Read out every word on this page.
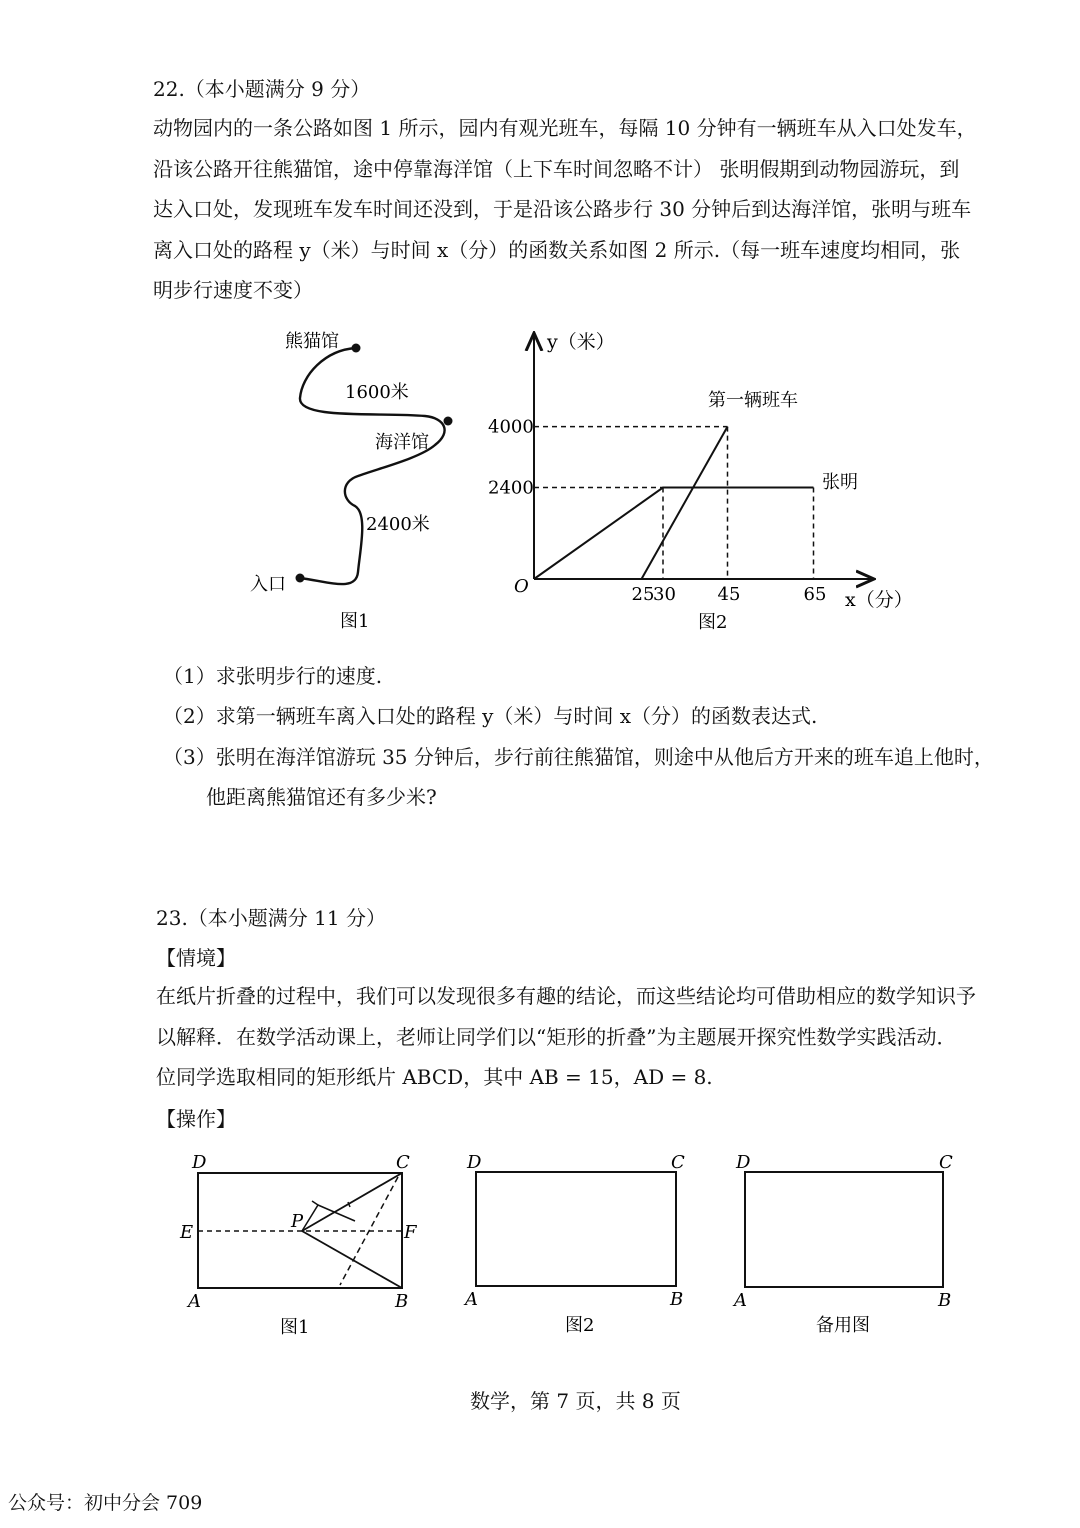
22.（本小题满分 9 分）
动物园内的一条公路如图 1 所示，园内有观光班车，每隔 10 分钟有一辆班车从入口处发车，
沿该公路开往熊猫馆，途中停靠海洋馆（上下车时间忽略不计） 张明假期到动物园游玩，到
达入口处，发现班车发车时间还没到，于是沿该公路步行 30 分钟后到达海洋馆，张明与班车
离入口处的路程 y（米）与时间 x（分）的函数关系如图 2 所示.（每一班车速度均相同，张
明步行速度不变）
熊猫馆
1600米
海洋馆
2400米
入口
图1
25
30 45	65
2400
4000
y（米）
x（分）
O
第一辆班车
张明
图2
（1）求张明步行的速度.
（2）求第一辆班车离入口处的路程 y（米）与时间 x（分）的函数表达式.
（3）张明在海洋馆游玩 35 分钟后，步行前往熊猫馆，则途中从他后方开来的班车追上他时，
他距离熊猫馆还有多少米?
23.（本小题满分 11 分）
【情境】
在纸片折叠的过程中，我们可以发现很多有趣的结论，而这些结论均可借助相应的数学知识予
以解释．在数学活动课上，老师让同学们以“矩形的折叠”为主题展开探究性数学实践活动．
位同学选取相同的矩形纸片 ABCD，其中 AB = 15，AD = 8.
【操作】
D	C
E
P
F
A	B
图1
D	C
A	B
图2
D	C
A	B
备用图
数学，第 7 页，共 8 页
公众号：初中分会 709
